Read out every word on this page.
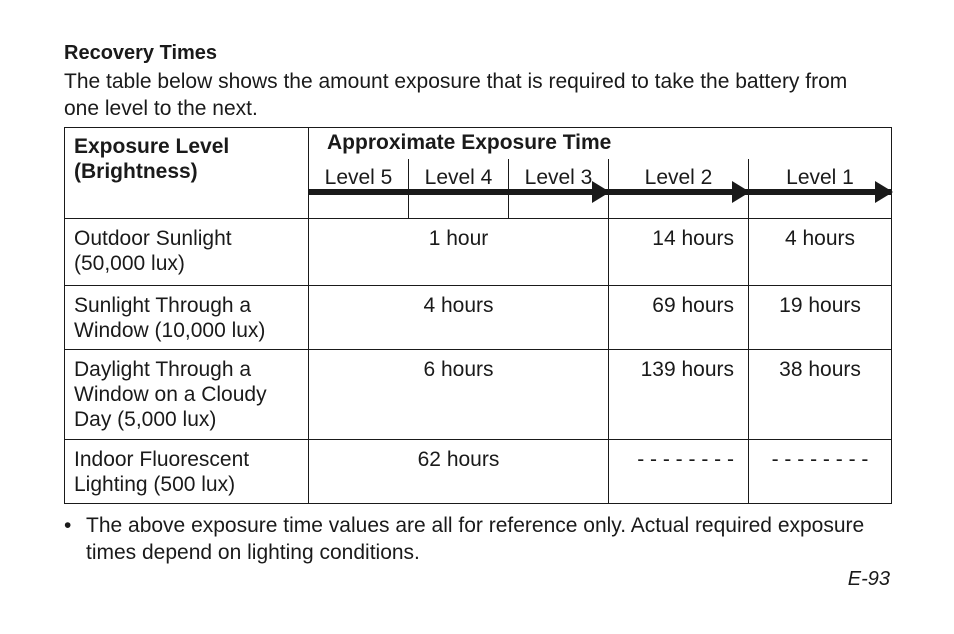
Recovery Times
The table below shows the amount exposure that is required to take the battery from one level to the next.
Exposure Level (Brightness)	Approximate Exposure Time				

	Level 5	Level 4	Level 3	Level 2	Level 1

Outdoor Sunlight (50,000 lux)	1 hour			14 hours	4 hours
Sunlight Through a Window (10,000 lux)	4 hours			69 hours	19 hours
Daylight Through a Window on a Cloudy Day (5,000 lux)	6 hours			139 hours	38 hours
Indoor Fluorescent Lighting (500 lux)	62 hours			- - - - - - - -	- - - - - - - -
• The above exposure time values are all for reference only. Actual required exposure times depend on lighting conditions.
E-93
